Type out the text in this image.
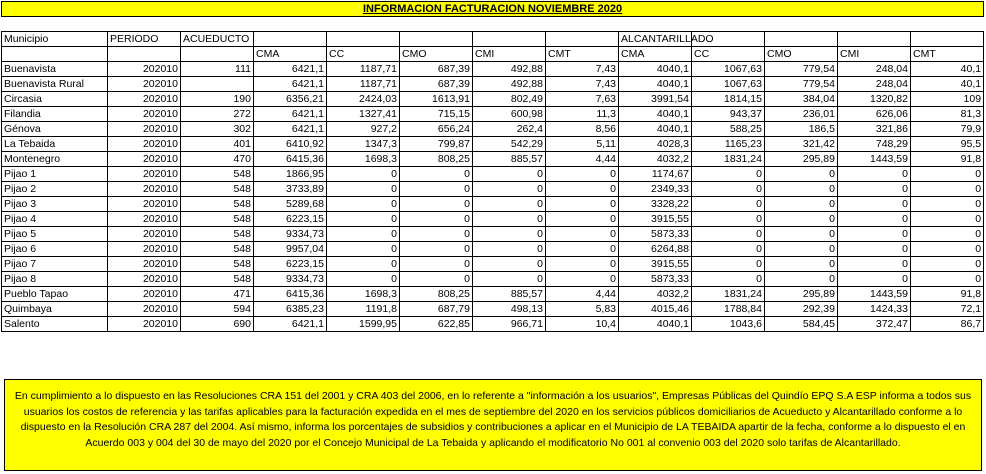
INFORMACION FACTURACION NOVIEMBRE 2020												

Municipio	PERIODO	ACUEDUCTO						ALCANTARILLADO				
			CMA	CC	CMO	CMI	CMT	CMA	CC	CMO	CMI	CMT
Buenavista	202010	111	6421,1	1187,71	687,39	492,88	7,43	4040,1	1067,63	779,54	248,04	40,1
Buenavista Rural	202010		6421,1	1187,71	687,39	492,88	7,43	4040,1	1067,63	779,54	248,04	40,1
Circasia	202010	190	6356,21	2424,03	1613,91	802,49	7,63	3991,54	1814,15	384,04	1320,82	109
Filandia	202010	272	6421,1	1327,41	715,15	600,98	11,3	4040,1	943,37	236,01	626,06	81,3
Génova	202010	302	6421,1	927,2	656,24	262,4	8,56	4040,1	588,25	186,5	321,86	79,9
La Tebaida	202010	401	6410,92	1347,3	799,87	542,29	5,11	4028,3	1165,23	321,42	748,29	95,5
Montenegro	202010	470	6415,36	1698,3	808,25	885,57	4,44	4032,2	1831,24	295,89	1443,59	91,8
Pijao 1	202010	548	1866,95	0	0	0	0	1174,67	0	0	0	0
Pijao 2	202010	548	3733,89	0	0	0	0	2349,33	0	0	0	0
Pijao 3	202010	548	5289,68	0	0	0	0	3328,22	0	0	0	0
Pijao 4	202010	548	6223,15	0	0	0	0	3915,55	0	0	0	0
Pijao 5	202010	548	9334,73	0	0	0	0	5873,33	0	0	0	0
Pijao 6	202010	548	9957,04	0	0	0	0	6264,88	0	0	0	0
Pijao 7	202010	548	6223,15	0	0	0	0	3915,55	0	0	0	0
Pijao 8	202010	548	9334,73	0	0	0	0	5873,33	0	0	0	0
Pueblo Tapao	202010	471	6415,36	1698,3	808,25	885,57	4,44	4032,2	1831,24	295,89	1443,59	91,8
Quimbaya	202010	594	6385,23	1191,8	687,79	498,13	5,83	4015,46	1788,84	292,39	1424,33	72,1
Salento	202010	690	6421,1	1599,95	622,85	966,71	10,4	4040,1	1043,6	584,45	372,47	86,7
En cumplimiento a lo dispuesto en las Resoluciones CRA 151 del 2001 y CRA 403 del 2006, en lo referente a "información a los usuarios", Empresas Públicas del Quindío EPQ S.A ESP informa a todos sus usuarios los costos de referencia y las tarifas aplicables para la facturación expedida en el mes de septiembre del 2020 en los servicios públicos domiciliarios de Acueducto y Alcantarillado conforme a lo dispuesto en la Resolución CRA 287 del 2004. Así mismo, informa los porcentajes de subsidios y contribuciones a aplicar en el Municipio de LA TEBAIDA apartir de la fecha, conforme a lo dispuesto el en Acuerdo 003 y 004 del 30 de mayo del 2020 por el Concejo Municipal de La Tebaida y aplicando el modificatorio No 001 al convenio 003 del 2020 solo tarifas de Alcantarillado.
